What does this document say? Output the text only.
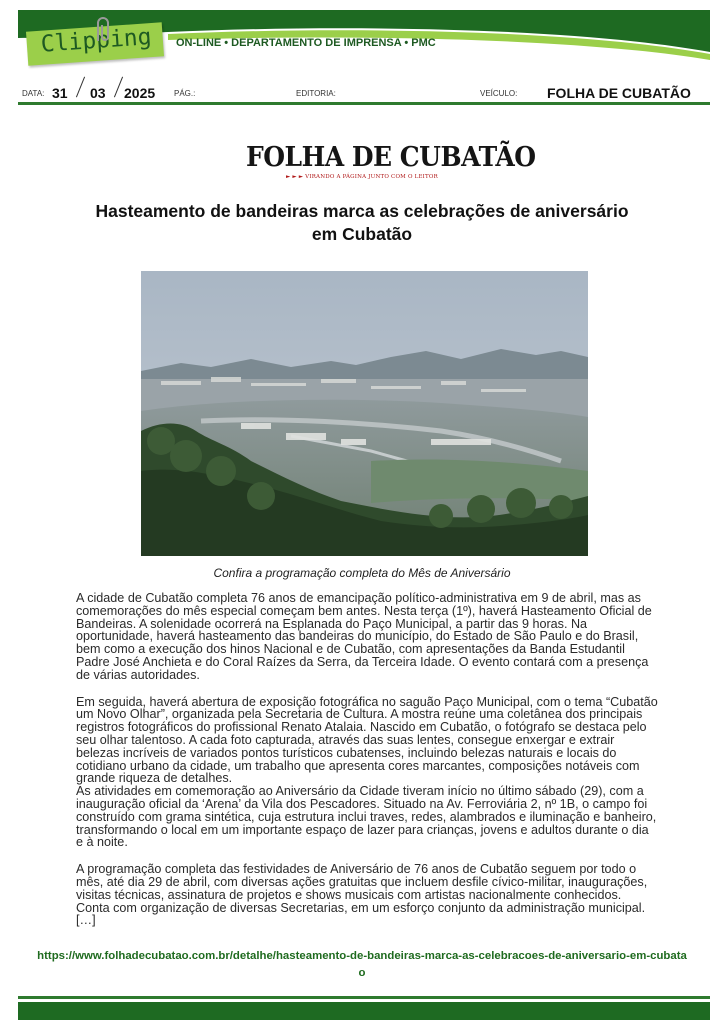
Clipping ON-LINE • DEPARTAMENTO DE IMPRENSA • PMC
DATA: 31 03 2025 PÁG.:	EDITORIA:	VEÍCULO: FOLHA DE CUBATÃO
FOLHA DE CUBATÃO
► ► ► VIRANDO A PÁGINA JUNTO COM O LEITOR
Hasteamento de bandeiras marca as celebrações de aniversário em Cubatão
Confira a programação completa do Mês de Aniversário

A cidade de Cubatão completa 76 anos de emancipação político-administrativa em 9 de abril, mas as comemorações do mês especial começam bem antes. Nesta terça (1º), haverá Hasteamento Oficial de Bandeiras. A solenidade ocorrerá na Esplanada do Paço Municipal, a partir das 9 horas. Na oportunidade, haverá hasteamento das bandeiras do município, do Estado de São Paulo e do Brasil, bem como a execução dos hinos Nacional e de Cubatão, com apresentações da Banda Estudantil Padre José Anchieta e do Coral Raízes da Serra, da Terceira Idade. O evento contará com a presença de várias autoridades.

Em seguida, haverá abertura de exposição fotográfica no saguão Paço Municipal, com o tema “Cubatão um Novo Olhar”, organizada pela Secretaria de Cultura. A mostra reúne uma coletânea dos principais registros fotográficos do profissional Renato Atalaia. Nascido em Cubatão, o fotógrafo se destaca pelo seu olhar talentoso. A cada foto capturada, através das suas lentes, consegue enxergar e extrair belezas incríveis de variados pontos turísticos cubatenses, incluindo belezas naturais e locais do cotidiano urbano da cidade, um trabalho que apresenta cores marcantes, composições notáveis com grande riqueza de detalhes.

As atividades em comemoração ao Aniversário da Cidade tiveram início no último sábado (29), com a inauguração oficial da ‘Arena’ da Vila dos Pescadores. Situado na Av. Ferroviária 2, nº 1B, o campo foi construído com grama sintética, cuja estrutura inclui traves, redes, alambrados e iluminação e banheiro, transformando o local em um importante espaço de lazer para crianças, jovens e adultos durante o dia e à noite.

A programação completa das festividades de Aniversário de 76 anos de Cubatão seguem por todo o mês, até dia 29 de abril, com diversas ações gratuitas que incluem desfile cívico-militar, inaugurações, visitas técnicas, assinatura de projetos e shows musicais com artistas nacionalmente conhecidos. Conta com organização de diversas Secretarias, em um esforço conjunto da administração municipal. […]

https://www.folhadecubatao.com.br/detalhe/hasteamento-de-bandeiras-marca-as-celebracoes-de-aniversario-em-cubatao
